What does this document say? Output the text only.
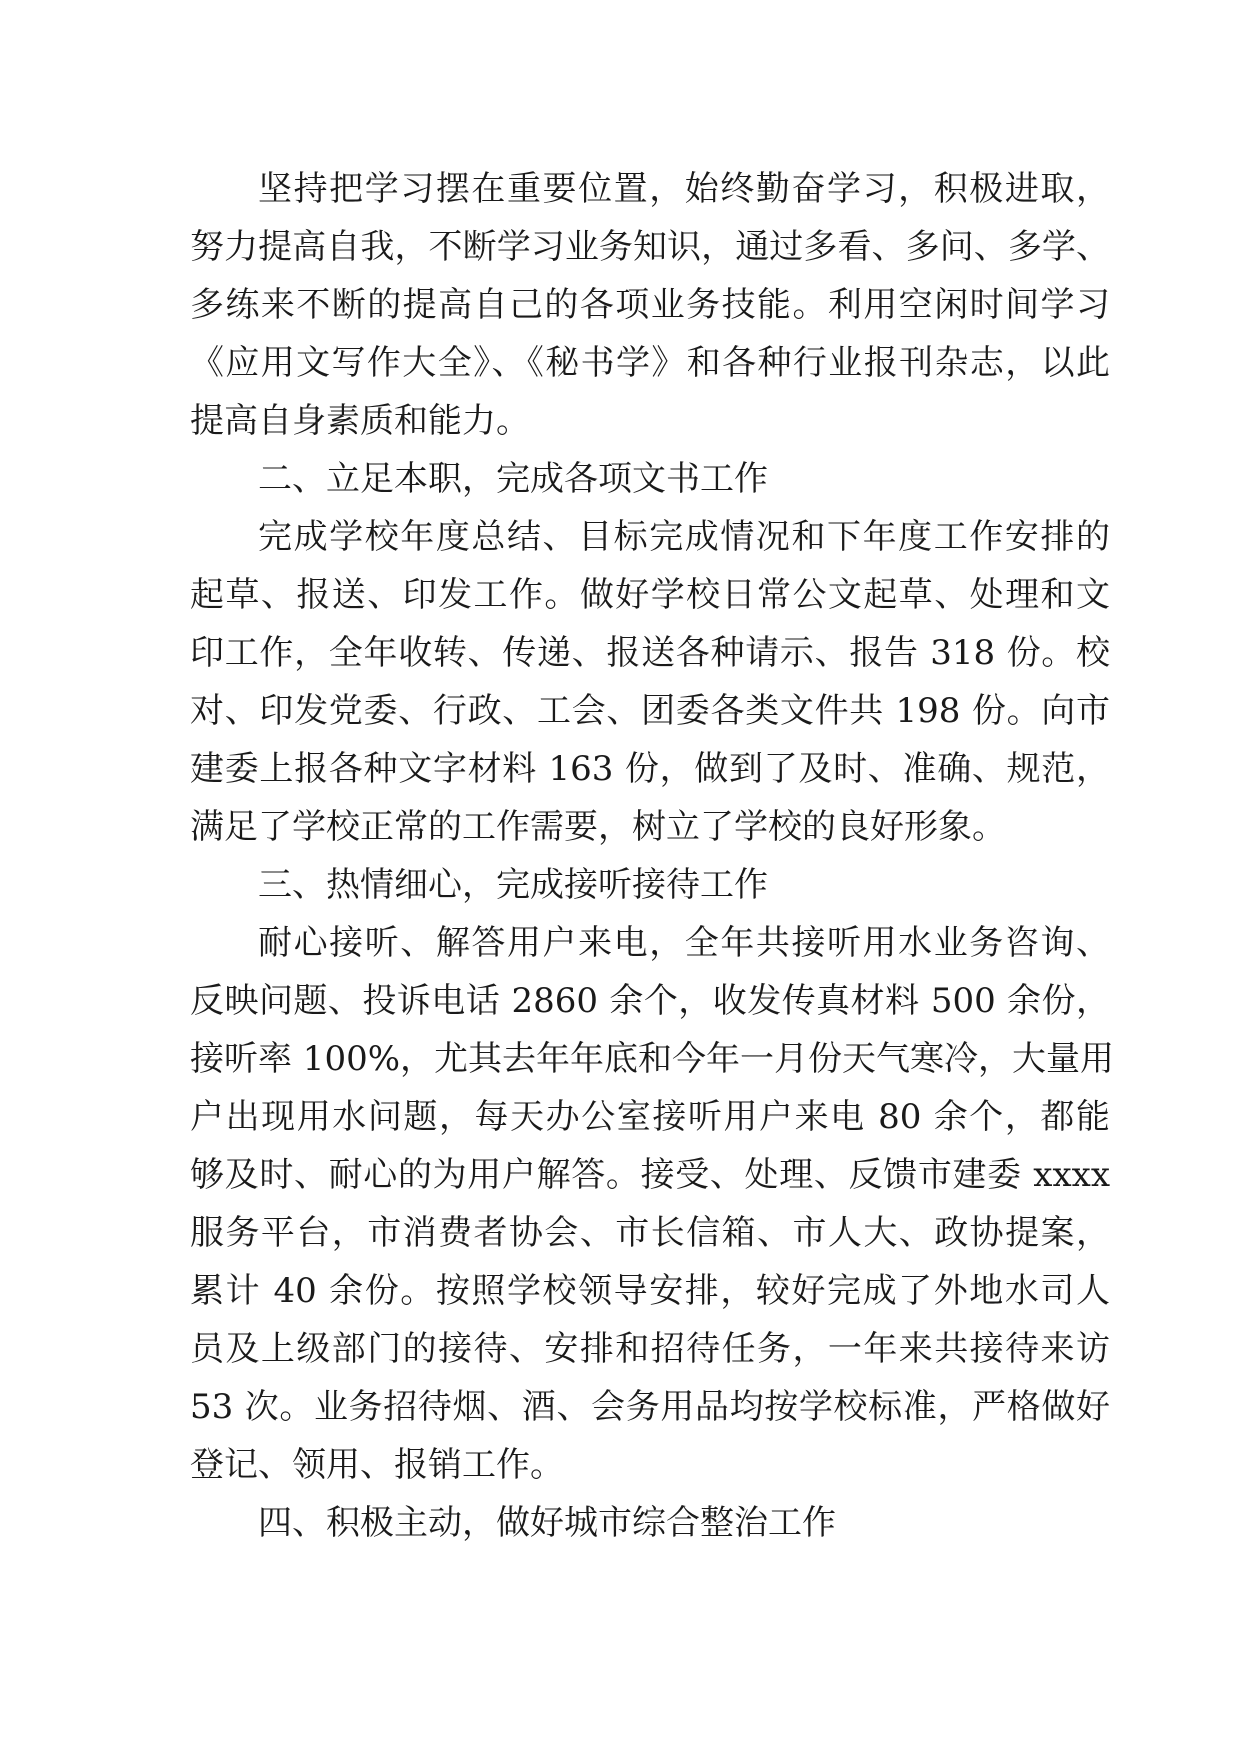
坚持把学习摆在重要位置，始终勤奋学习，积极进取，
努力提高自我，不断学习业务知识，通过多看、多问、多学、
多练来不断的提高自己的各项业务技能。利用空闲时间学习
《应用文写作大全》、《秘书学》和各种行业报刊杂志，以此
提高自身素质和能力。
二、立足本职，完成各项文书工作
完成学校年度总结、目标完成情况和下年度工作安排的
起草、报送、印发工作。做好学校日常公文起草、处理和文
印工作，全年收转、传递、报送各种请示、报告 318 份。校
对、印发党委、行政、工会、团委各类文件共 198 份。向市
建委上报各种文字材料 163 份，做到了及时、准确、规范，
满足了学校正常的工作需要，树立了学校的良好形象。
三、热情细心，完成接听接待工作
耐心接听、解答用户来电，全年共接听用水业务咨询、
反映问题、投诉电话 2860 余个，收发传真材料 500 余份，
接听率 100%，尤其去年年底和今年一月份天气寒冷，大量用
户出现用水问题，每天办公室接听用户来电 80 余个，都能
够及时、耐心的为用户解答。接受、处理、反馈市建委 xxxx
服务平台，市消费者协会、市长信箱、市人大、政协提案，
累计 40 余份。按照学校领导安排，较好完成了外地水司人
员及上级部门的接待、安排和招待任务，一年来共接待来访
53 次。业务招待烟、酒、会务用品均按学校标准，严格做好
登记、领用、报销工作。
四、积极主动，做好城市综合整治工作
